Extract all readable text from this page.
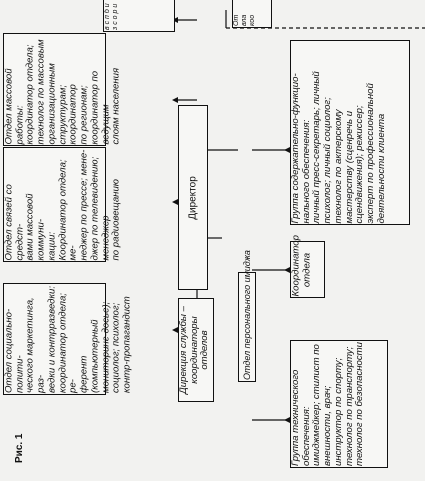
в с п б и з с о р и	От
вла
коо
Отдел массовой работы:
координатор отдела;
технолог по массовым
организационным
структурам; координатор
по регионам;
координатор по ведущим
слоям населения
Отдел связей со средст-
вами массовой коммуни-
кации:
Координатор отдела; ме-
неджер по прессе; мене-
джер по телевидению;
менеджер
по радиовещанию
Отдел социально-полити-
ческого маркетинга, раз-
ведки и контрразведки:
координатор отдела; ре-
ферент (компьютерный
мониторинг-досье);
социолог; психолог;
контр-пропагандист
Директор
Дирекция службы –
координаторы отделов	Отдел персонального имиджа	Координатор
отдела
Группа технического
обеспечения:
имиджмейкер; стилист по
внешности, врач;
инструктор по спорту;
технолог по транспорту;
технолог по безопасности
Группа содержательно-функцио-
нального обеспечения:
личный пресс-секретарь; личный
психолог; личный социолог;
технолог по актерскому
мастерству (сценречь и
сцендвижения); режиссер;
эксперт по профессиональной
деятельности клиента
Рис. 1
